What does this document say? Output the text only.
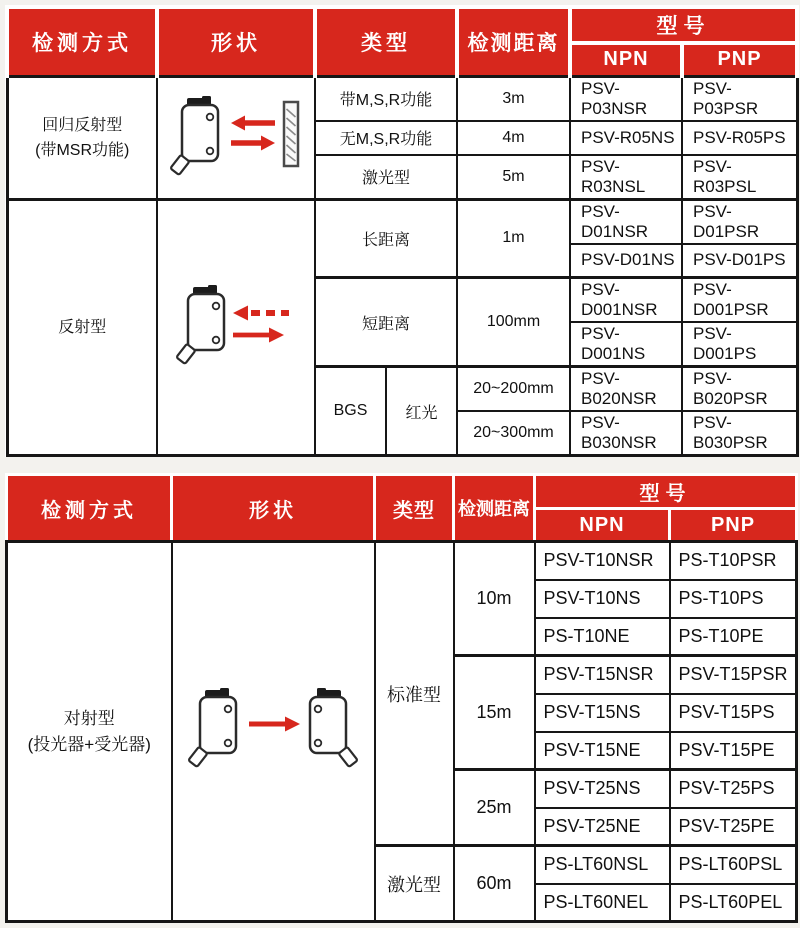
检测方式	形状	类型		检测距离	型号	
					NPN	PNP

回归反射型
(带MSR功能)		带M,S,R功能		3m	PSV-P03NSR	PSV-P03PSR
		无M,S,R功能		4m	PSV-R05NS	PSV-R05PS
		激光型		5m	PSV-R03NSL	PSV-R03PSL

反射型		长距离		1m	PSV-D01NSR	PSV-D01PSR
					PSV-D01NS	PSV-D01PS
		短距离		100mm	PSV-D001NSR	PSV-D001PSR
					PSV-D001NS	PSV-D001PS
		BGS	红光	20~200mm	PSV-B020NSR	PSV-B020PSR
				20~300mm	PSV-B030NSR	PSV-B030PSR
检测方式	形状	类型	检测距离	型号	
				NPN	PNP

对射型
(投光器+受光器)		标准型	10m	PSV-T10NSR	PS-T10PSR
				PSV-T10NS	PS-T10PS
				PS-T10NE	PS-T10PE
			15m	PSV-T15NSR	PSV-T15PSR
				PSV-T15NS	PSV-T15PS
				PSV-T15NE	PSV-T15PE
			25m	PSV-T25NS	PSV-T25PS
				PSV-T25NE	PSV-T25PE
		激光型	60m	PS-LT60NSL	PS-LT60PSL
				PS-LT60NEL	PS-LT60PEL
